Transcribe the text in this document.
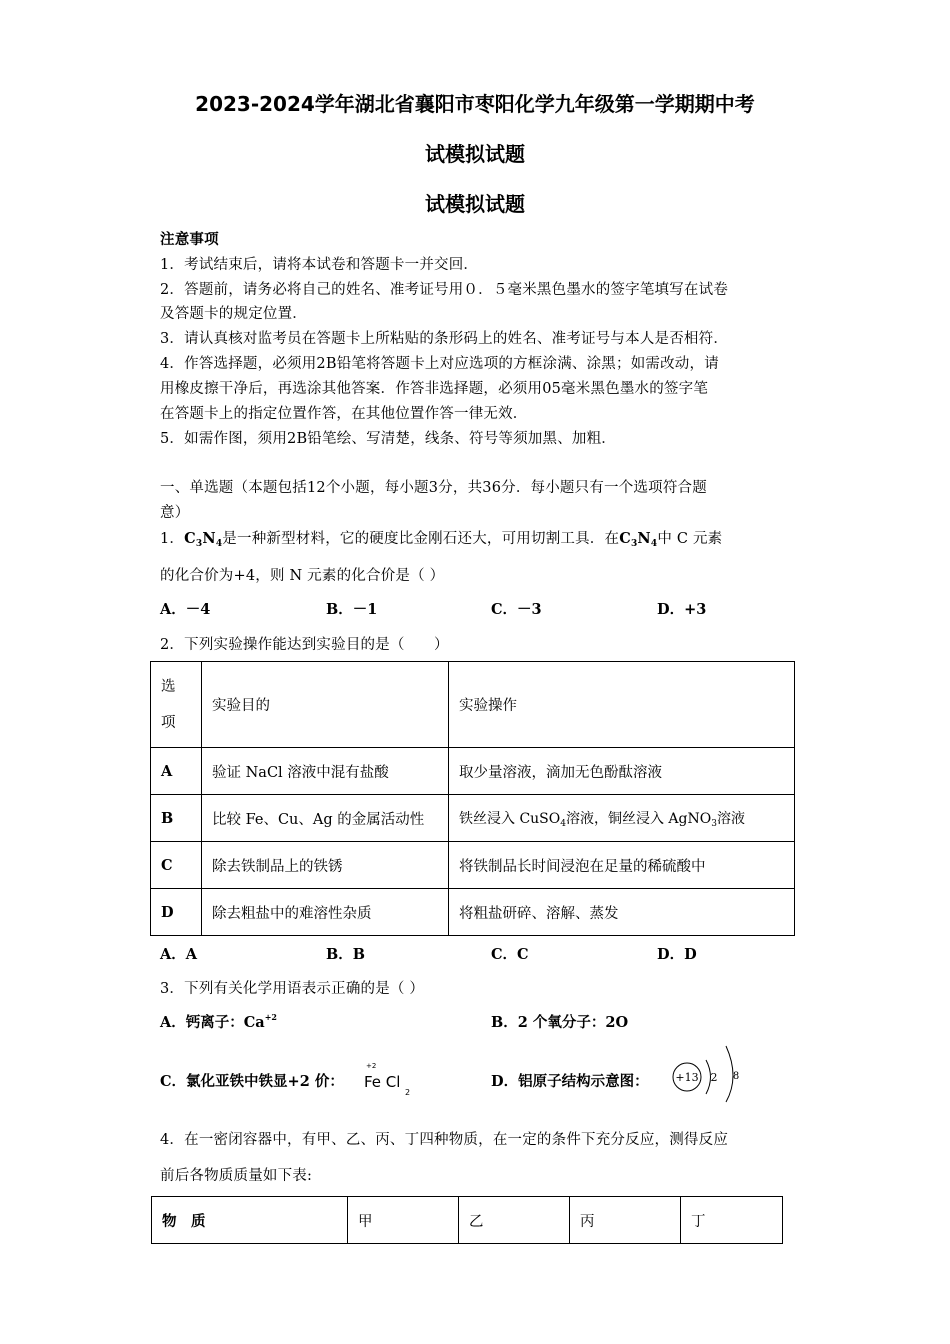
2023-2024学年湖北省襄阳市枣阳化学九年级第一学期期中考
试模拟试题
试模拟试题
注意事项
1．考试结束后，请将本试卷和答题卡一并交回．
2．答题前，请务必将自己的姓名、准考证号用０．５毫米黑色墨水的签字笔填写在试卷
及答题卡的规定位置．
3．请认真核对监考员在答题卡上所粘贴的条形码上的姓名、准考证号与本人是否相符．
4．作答选择题，必须用2B铅笔将答题卡上对应选项的方框涂满、涂黑；如需改动，请
用橡皮擦干净后，再选涂其他答案．作答非选择题，必须用05毫米黑色墨水的签字笔
在答题卡上的指定位置作答，在其他位置作答一律无效．
5．如需作图，须用2B铅笔绘、写清楚，线条、符号等须加黑、加粗．
一、单选题（本题包括12个小题，每小题3分，共36分．每小题只有一个选项符合题
意）
1．$C_3N_4$是一种新型材料，它的硬度比金刚石还大，可用切割工具．在$C_3N_4$中 C 元素
的化合价为+4，则 N 元素的化合价是（ ）
A．－4	B．－1	C．－3	D．+3
2．下列实验操作能达到实验目的是（　　）
选
项	实验目的	实验操作
A	验证 NaCl 溶液中混有盐酸	取少量溶液，滴加无色酚酞溶液
B	比较 Fe、Cu、Ag 的金属活动性	铁丝浸入 CuSO$_4$溶液，铜丝浸入 AgNO$_3$溶液
C	除去铁制品上的铁锈	将铁制品长时间浸泡在足量的稀硫酸中
D	除去粗盐中的难溶性杂质	将粗盐研碎、溶解、蒸发
A．A	B．B	C．C	D．D
3．下列有关化学用语表示正确的是（ ）
A．钙离子：$Ca^{+2}$	B．2 个氧分子：2O
C．氯化亚铁中铁显+2 价：
+2
Fe Cl
2
D．铝原子结构示意图： +13 2 8
4．在一密闭容器中，有甲、乙、丙、丁四种物质，在一定的条件下充分反应，测得反应
前后各物质质量如下表:
物　质	甲	乙	丙	丁
